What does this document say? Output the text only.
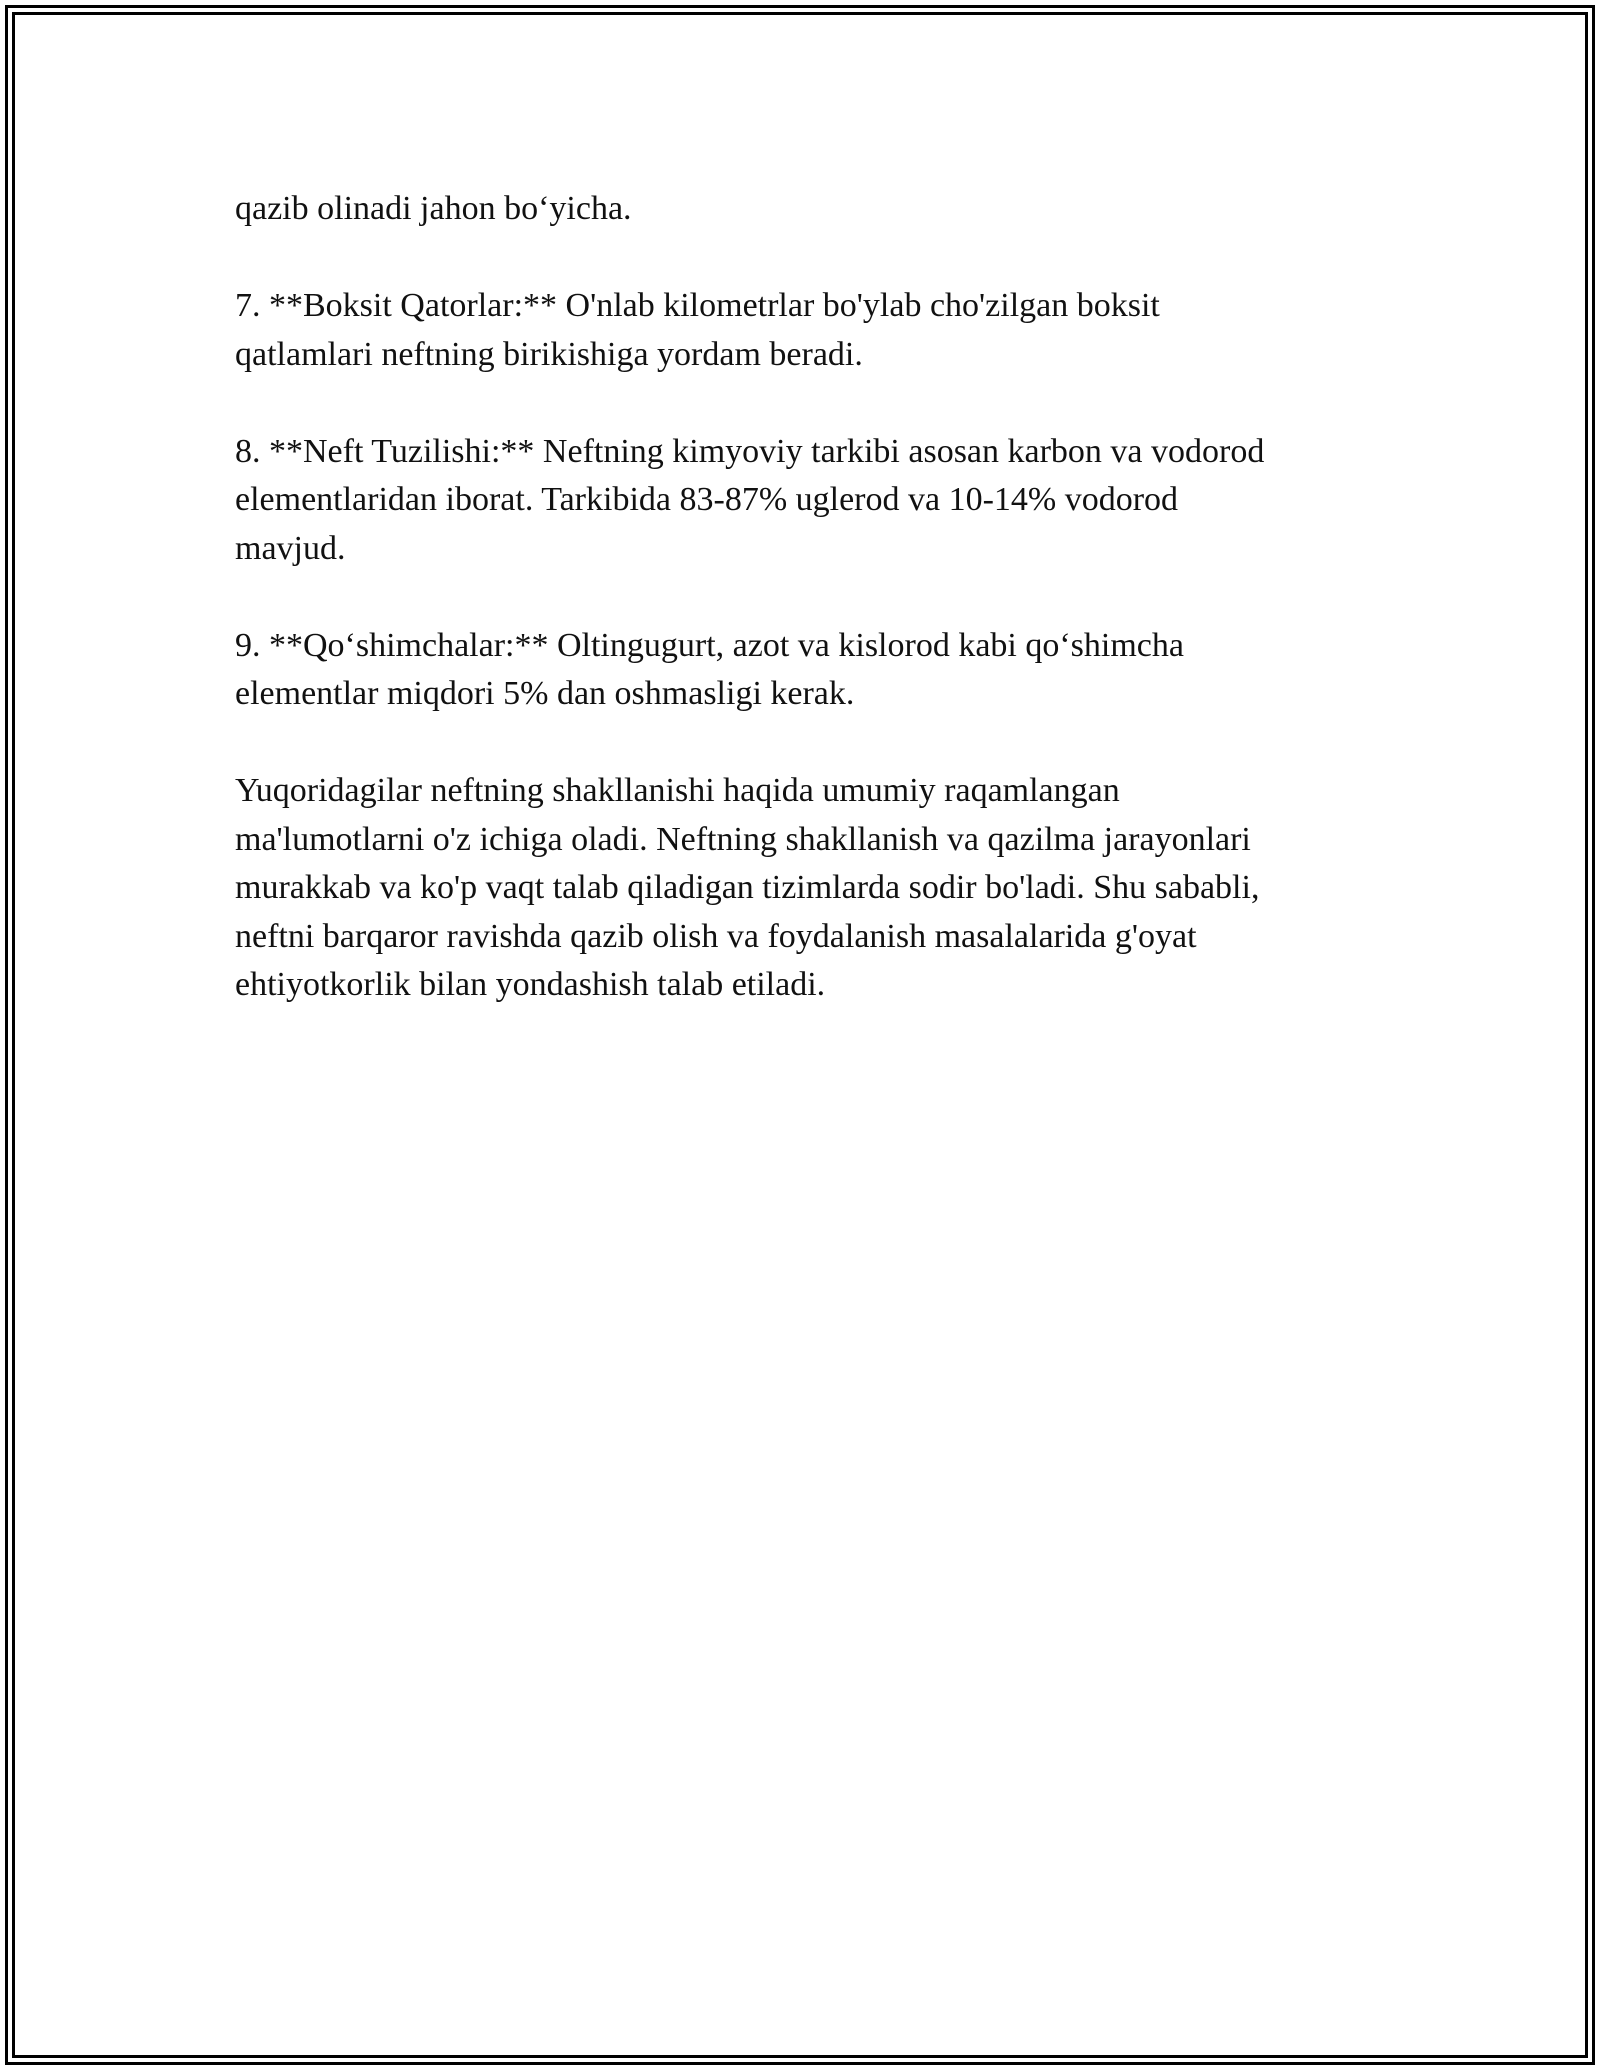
qazib olinadi jahon bo‘yicha.

7. **Boksit Qatorlar:** O'nlab kilometrlar bo'ylab cho'zilgan boksit
qatlamlari neftning birikishiga yordam beradi.

8. **Neft Tuzilishi:** Neftning kimyoviy tarkibi asosan karbon va vodorod
elementlaridan iborat. Tarkibida 83-87% uglerod va 10-14% vodorod
mavjud.

9. **Qo‘shimchalar:** Oltingugurt, azot va kislorod kabi qo‘shimcha
elementlar miqdori 5% dan oshmasligi kerak.

Yuqoridagilar neftning shakllanishi haqida umumiy raqamlangan
ma'lumotlarni o'z ichiga oladi. Neftning shakllanish va qazilma jarayonlari
murakkab va ko'p vaqt talab qiladigan tizimlarda sodir bo'ladi. Shu sababli,
neftni barqaror ravishda qazib olish va foydalanish masalalarida g'oyat
ehtiyotkorlik bilan yondashish talab etiladi.
